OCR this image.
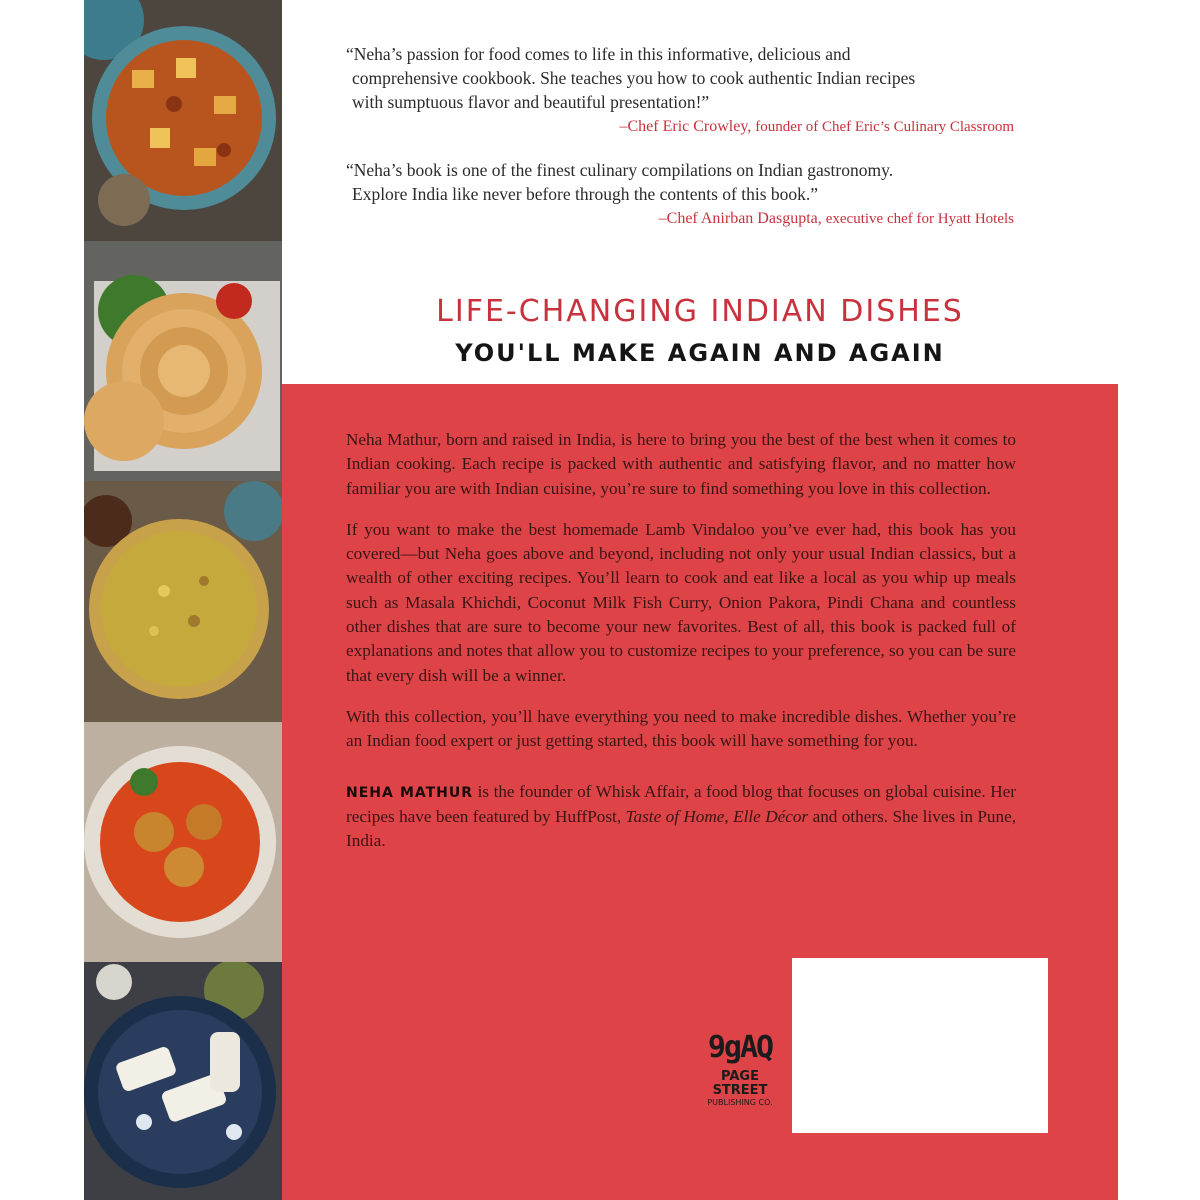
“Neha’s passion for food comes to life in this informative, delicious and
comprehensive cookbook. She teaches you how to cook authentic Indian recipes
with sumptuous flavor and beautiful presentation!”

–Chef Eric Crowley, founder of Chef Eric’s Culinary Classroom

“Neha’s book is one of the finest culinary compilations on Indian gastronomy.
Explore India like never before through the contents of this book.”

–Chef Anirban Dasgupta, executive chef for Hyatt Hotels

LIFE-CHANGING INDIAN DISHES
YOU'LL MAKE AGAIN AND AGAIN

Neha Mathur, born and raised in India, is here to bring you the best of the best when it comes to Indian cooking. Each recipe is packed with authentic and satisfying flavor, and no matter how familiar you are with Indian cuisine, you’re sure to find something you love in this collection.

If you want to make the best homemade Lamb Vindaloo you’ve ever had, this book has you covered—but Neha goes above and beyond, including not only your usual Indian classics, but a wealth of other exciting recipes. You’ll learn to cook and eat like a local as you whip up meals such as Masala Khichdi, Coconut Milk Fish Curry, Onion Pakora, Pindi Chana and countless other dishes that are sure to become your new favorites. Best of all, this book is packed full of explanations and notes that allow you to customize recipes to your preference, so you can be sure that every dish will be a winner.

With this collection, you’ll have everything you need to make incredible dishes. Whether you’re an Indian food expert or just getting started, this book will have something for you.

NEHA MATHUR is the founder of Whisk Affair, a food blog that focuses on global cuisine. Her recipes have been featured by HuffPost, Taste of Home, Elle Décor and others. She lives in Pune, India.

9gAQ
PAGE STREET
PUBLISHING CO.
